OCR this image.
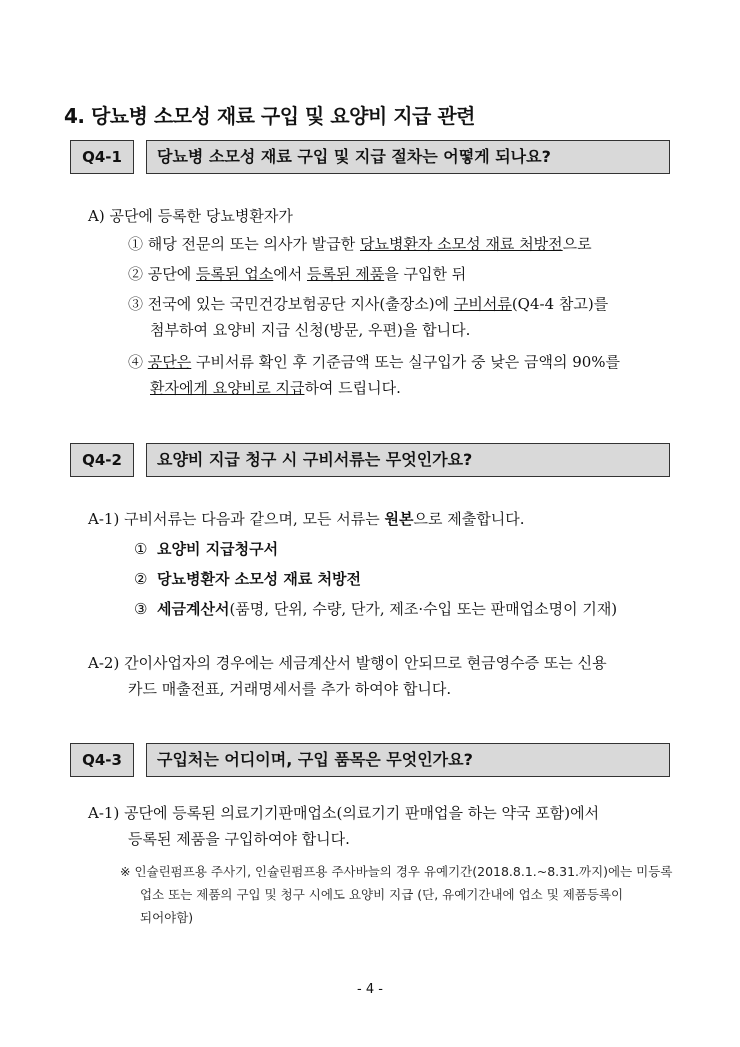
4. 당뇨병 소모성 재료 구입 및 요양비 지급 관련
Q4-1	당뇨병 소모성 재료 구입 및 지급 절차는 어떻게 되나요?
A) 공단에 등록한 당뇨병환자가
① 해당 전문의 또는 의사가 발급한 당뇨병환자 소모성 재료 처방전으로
② 공단에 등록된 업소에서 등록된 제품을 구입한 뒤
③ 전국에 있는 국민건강보험공단 지사(출장소)에 구비서류(Q4-4 참고)를
첨부하여 요양비 지급 신청(방문, 우편)을 합니다.
④ 공단은 구비서류 확인 후 기준금액 또는 실구입가 중 낮은 금액의 90%를
환자에게 요양비로 지급하여 드립니다.
Q4-2	요양비 지급 청구 시 구비서류는 무엇인가요?
A-1) 구비서류는 다음과 같으며, 모든 서류는 원본으로 제출합니다.
① 요양비 지급청구서
② 당뇨병환자 소모성 재료 처방전
③ 세금계산서(품명, 단위, 수량, 단가, 제조·수입 또는 판매업소명이 기재)
A-2) 간이사업자의 경우에는 세금계산서 발행이 안되므로 현금영수증 또는 신용
카드 매출전표, 거래명세서를 추가 하여야 합니다.
Q4-3	구입처는 어디이며, 구입 품목은 무엇인가요?
A-1) 공단에 등록된 의료기기판매업소(의료기기 판매업을 하는 약국 포함)에서
등록된 제품을 구입하여야 합니다.
※ 인슐린펌프용 주사기, 인슐린펌프용 주사바늘의 경우 유예기간(2018.8.1.~8.31.까지)에는 미등록
업소 또는 제품의 구입 및 청구 시에도 요양비 지급 (단, 유예기간내에 업소 및 제품등록이
되어야함)
- 4 -
